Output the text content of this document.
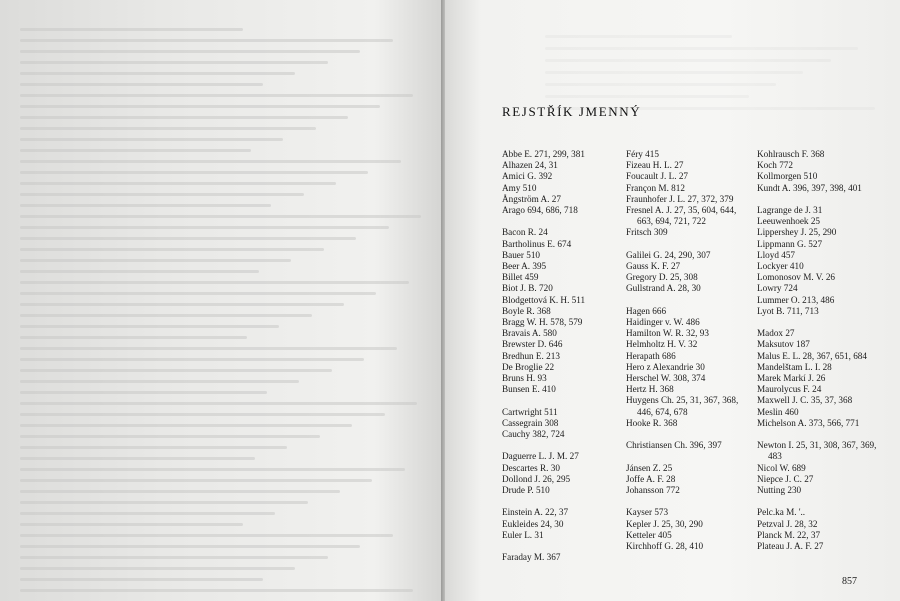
REJSTŘÍK JMENNÝ
Abbe E. 271, 299, 381
Alhazen 24, 31
Amici G. 392
Amy 510
Ångström A. 27
Arago 694, 686, 718
Bacon R. 24
Bartholinus E. 674
Bauer 510
Beer A. 395
Billet 459
Biot J. B. 720
Blodgettová K. H. 511
Boyle R. 368
Bragg W. H. 578, 579
Bravais A. 580
Brewster D. 646
Bredhun E. 213
De Broglie 22
Bruns H. 93
Bunsen E. 410
Cartwright 511
Cassegrain 308
Cauchy 382, 724
Daguerre L. J. M. 27
Descartes R. 30
Dollond J. 26, 295
Drude P. 510
Einstein A. 22, 37
Eukleides 24, 30
Euler L. 31
Faraday M. 367
Féry 415
Fizeau H. L. 27
Foucault J. L. 27
Françon M. 812
Fraunhofer J. L. 27, 372, 379
Fresnel A. J. 27, 35, 604, 644, 663, 694, 721, 722
Fritsch 309
Galilei G. 24, 290, 307
Gauss K. F. 27
Gregory D. 25, 308
Gullstrand A. 28, 30
Hagen 666
Haidinger v. W. 486
Hamilton W. R. 32, 93
Helmholtz H. V. 32
Herapath 686
Hero z Alexandrie 30
Herschel W. 308, 374
Hertz H. 368
Huygens Ch. 25, 31, 367, 368, 446, 674, 678
Hooke R. 368
Christiansen Ch. 396, 397
Jánsen Z. 25
Joffe A. F. 28
Johansson 772
Kayser 573
Kepler J. 25, 30, 290
Ketteler 405
Kirchhoff G. 28, 410
Kohlrausch F. 368
Koch 772
Kollmorgen 510
Kundt A. 396, 397, 398, 401
Lagrange de J. 31
Leeuwenhoek 25
Lippershey J. 25, 290
Lippmann G. 527
Lloyd 457
Lockyer 410
Lomonosov M. V. 26
Lowry 724
Lummer O. 213, 486
Lyot B. 711, 713
Madox 27
Maksutov 187
Malus E. L. 28, 367, 651, 684
Mandelštam L. I. 28
Marek Markí J. 26
Maurolycus F. 24
Maxwell J. C. 35, 37, 368
Meslin 460
Michelson A. 373, 566, 771
Newton I. 25, 31, 308, 367, 369, 483
Nicol W. 689
Niepce J. C. 27
Nutting 230
Pelc.ka M. '..
Petzval J. 28, 32
Planck M. 22, 37
Plateau J. A. F. 27
857
